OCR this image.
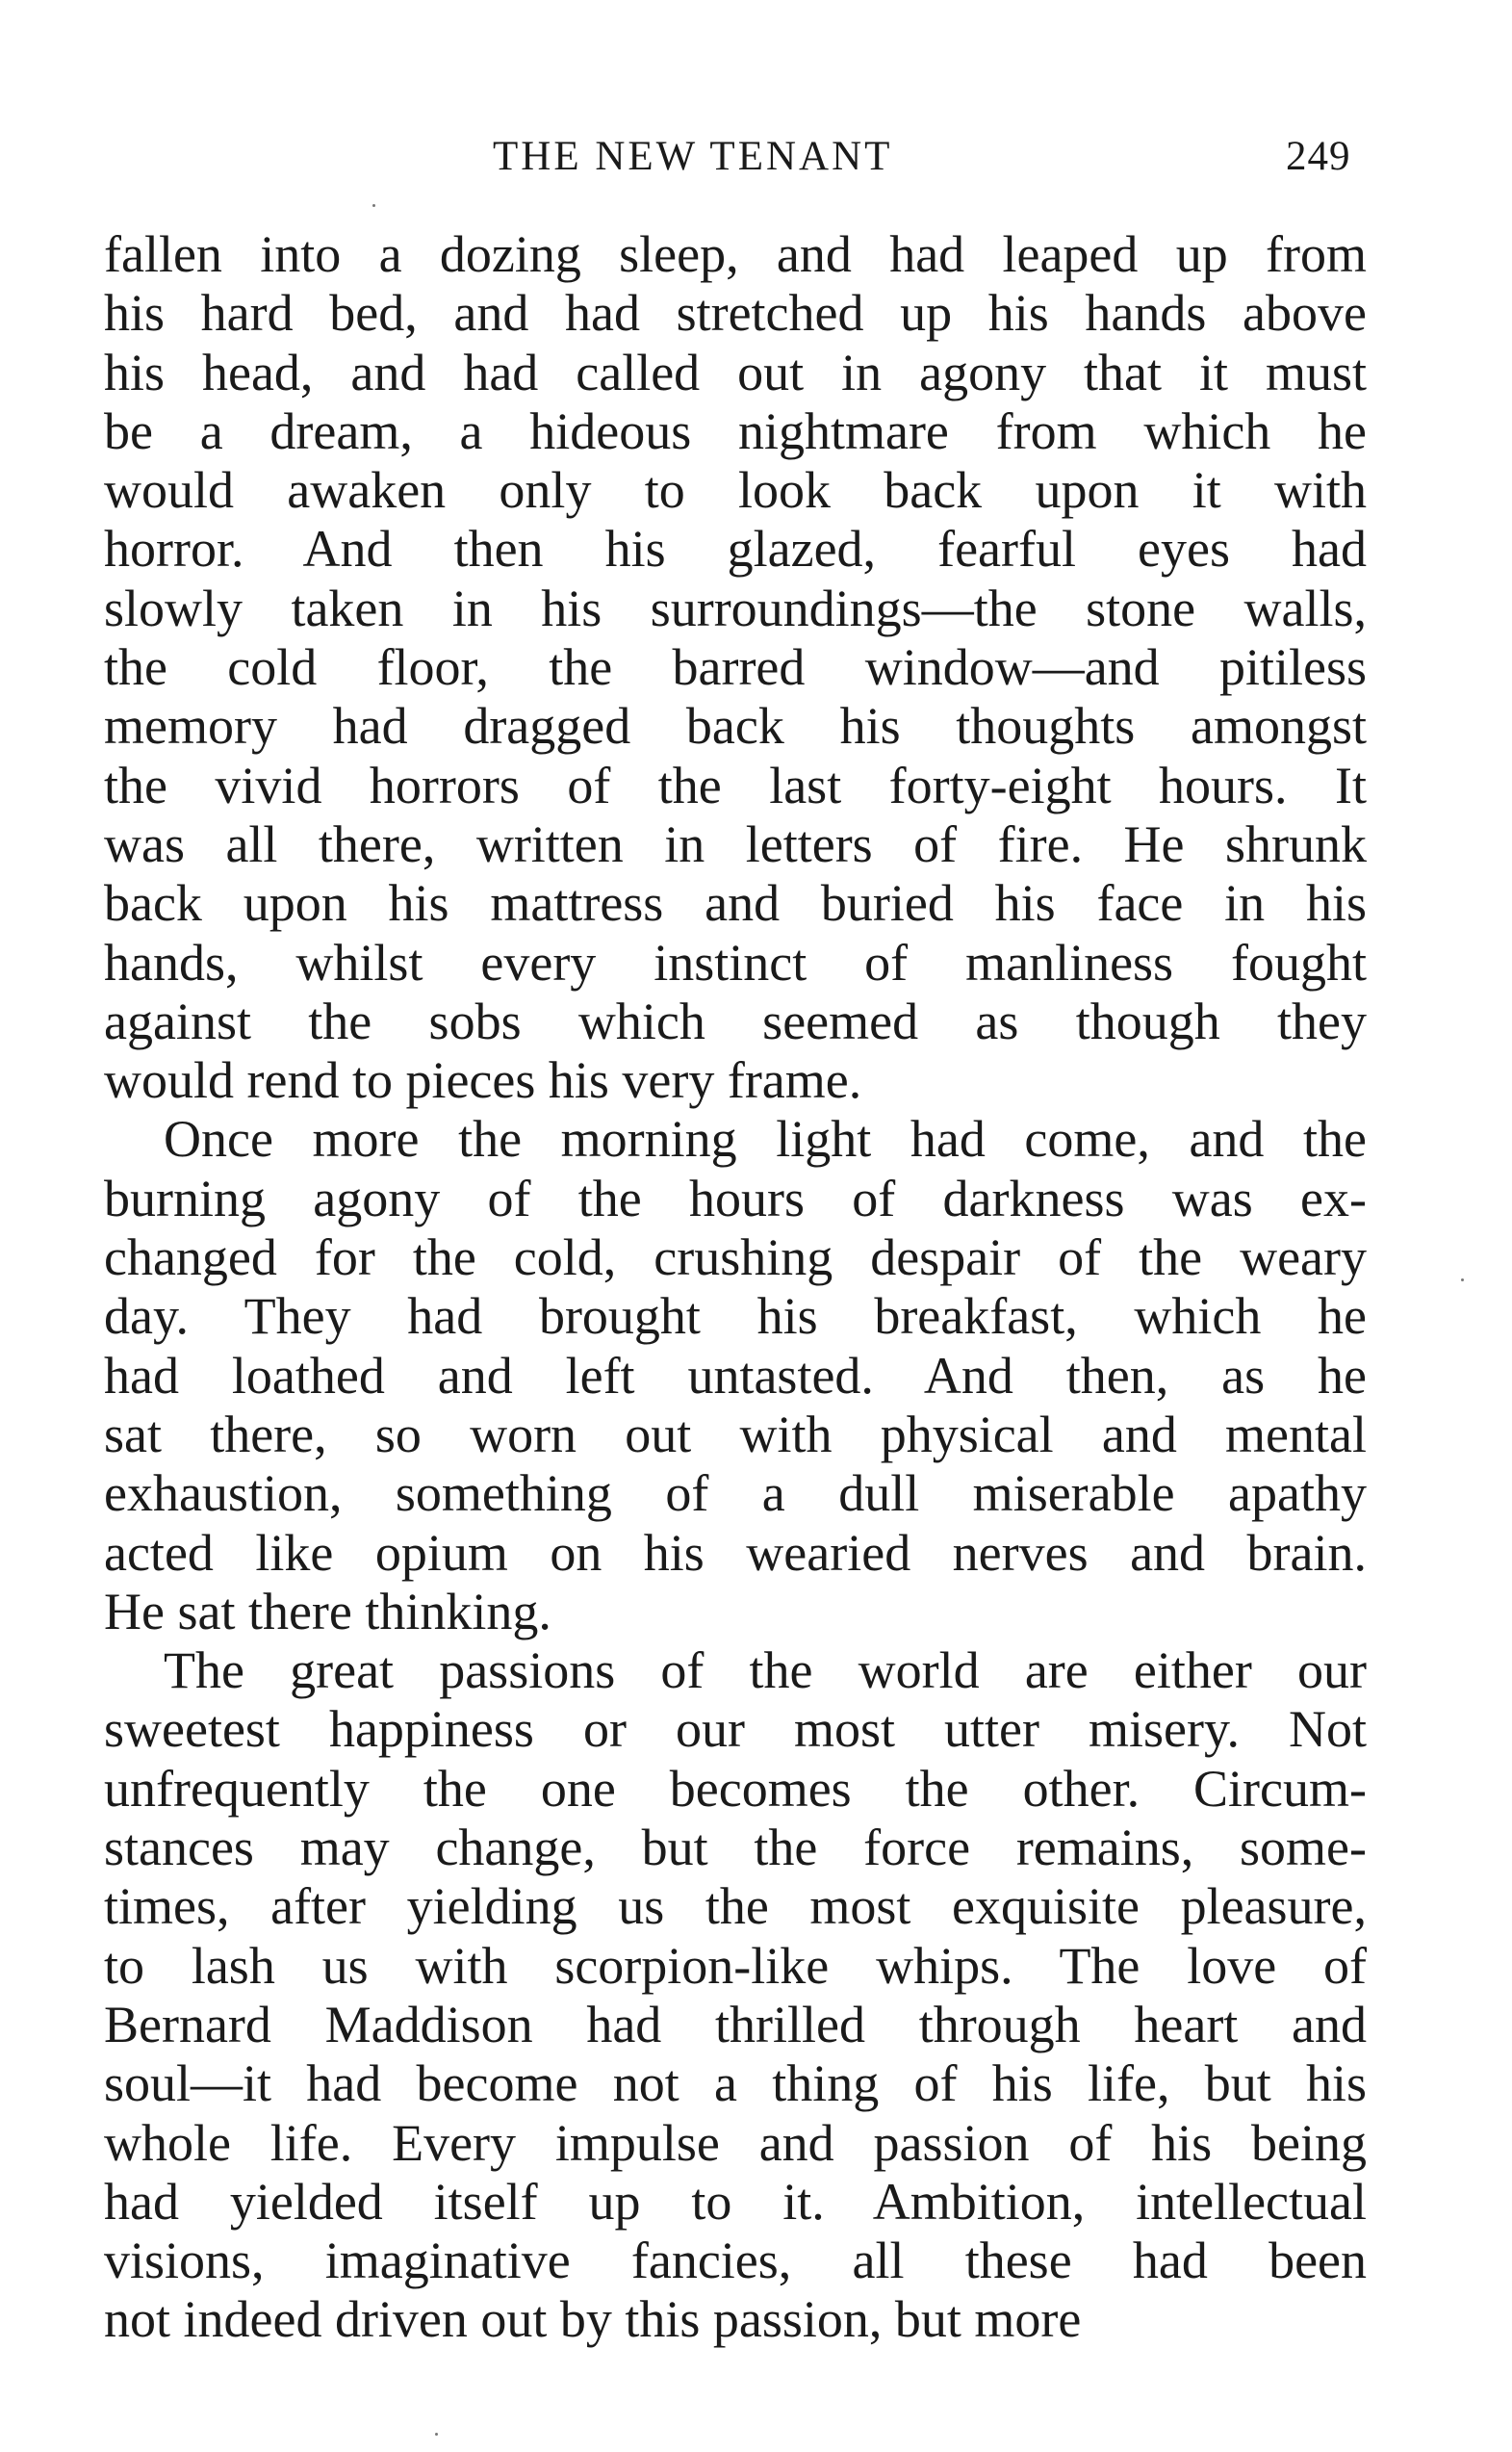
THE NEW TENANT	249
fallen into a dozing sleep, and had leaped up from
his hard bed, and had stretched up his hands above
his head, and had called out in agony that it must
be a dream, a hideous nightmare from which he
would awaken only to look back upon it with
horror. And then his glazed, fearful eyes had
slowly taken in his surroundings—the stone walls,
the cold floor, the barred window—and pitiless
memory had dragged back his thoughts amongst
the vivid horrors of the last forty-eight hours. It
was all there, written in letters of fire. He shrunk
back upon his mattress and buried his face in his
hands, whilst every instinct of manliness fought
against the sobs which seemed as though they
would rend to pieces his very frame.
Once more the morning light had come, and the
burning agony of the hours of darkness was ex-
changed for the cold, crushing despair of the weary
day. They had brought his breakfast, which he
had loathed and left untasted. And then, as he
sat there, so worn out with physical and mental
exhaustion, something of a dull miserable apathy
acted like opium on his wearied nerves and brain.
He sat there thinking.
The great passions of the world are either our
sweetest happiness or our most utter misery. Not
unfrequently the one becomes the other. Circum-
stances may change, but the force remains, some-
times, after yielding us the most exquisite pleasure,
to lash us with scorpion-like whips. The love of
Bernard Maddison had thrilled through heart and
soul—it had become not a thing of his life, but his
whole life. Every impulse and passion of his being
had yielded itself up to it. Ambition, intellectual
visions, imaginative fancies, all these had been
not indeed driven out by this passion, but more
